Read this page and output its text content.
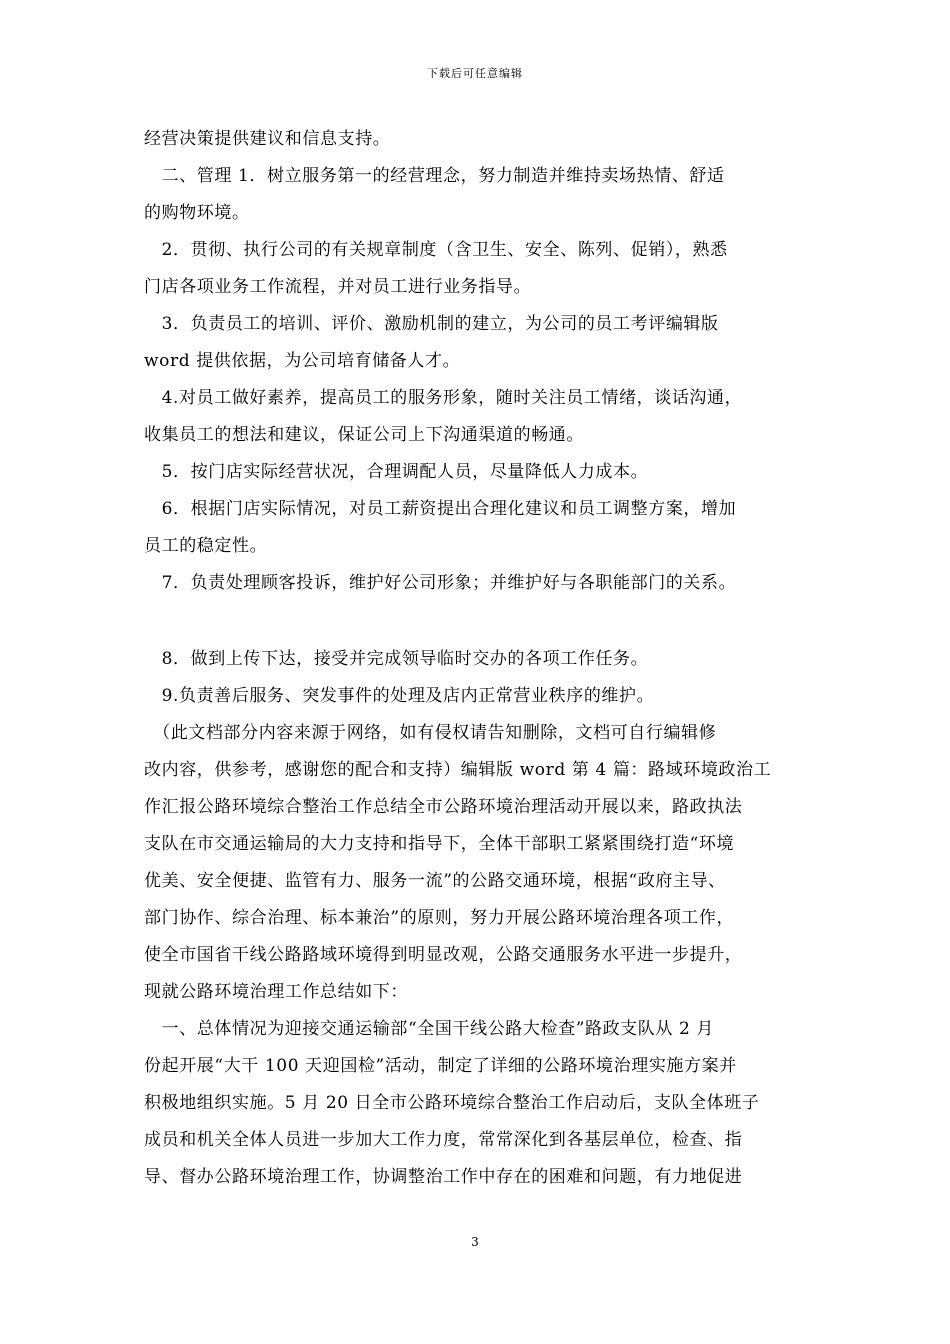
下载后可任意编辑
经营决策提供建议和信息支持。
　二、管理 1．树立服务第一的经营理念，努力制造并维持卖场热情、舒适
的购物环境。
　2．贯彻、执行公司的有关规章制度（含卫生、安全、陈列、促销），熟悉
门店各项业务工作流程，并对员工进行业务指导。
　3．负责员工的培训、评价、激励机制的建立，为公司的员工考评编辑版
word 提供依据，为公司培育储备人才。
　4.对员工做好素养，提高员工的服务形象，随时关注员工情绪，谈话沟通，
收集员工的想法和建议，保证公司上下沟通渠道的畅通。
　5．按门店实际经营状况，合理调配人员，尽量降低人力成本。
　6．根据门店实际情况，对员工薪资提出合理化建议和员工调整方案，增加
员工的稳定性。
　7．负责处理顾客投诉，维护好公司形象；并维护好与各职能部门的关系。
　8．做到上传下达，接受并完成领导临时交办的各项工作任务。
　9.负责善后服务、突发事件的处理及店内正常营业秩序的维护。
　（此文档部分内容来源于网络，如有侵权请告知删除，文档可自行编辑修
改内容，供参考，感谢您的配合和支持）编辑版 word 第 4 篇：路域环境政治工
作汇报公路环境综合整治工作总结全市公路环境治理活动开展以来，路政执法
支队在市交通运输局的大力支持和指导下，全体干部职工紧紧围绕打造“环境
优美、安全便捷、监管有力、服务一流”的公路交通环境，根据“政府主导、
部门协作、综合治理、标本兼治”的原则，努力开展公路环境治理各项工作，
使全市国省干线公路路域环境得到明显改观，公路交通服务水平进一步提升，
现就公路环境治理工作总结如下：
　一、总体情况为迎接交通运输部“全国干线公路大检查”路政支队从 2 月
份起开展“大干 100 天迎国检”活动，制定了详细的公路环境治理实施方案并
积极地组织实施。5 月 20 日全市公路环境综合整治工作启动后，支队全体班子
成员和机关全体人员进一步加大工作力度，常常深化到各基层单位，检查、指
导、督办公路环境治理工作，协调整治工作中存在的困难和问题，有力地促进
3
